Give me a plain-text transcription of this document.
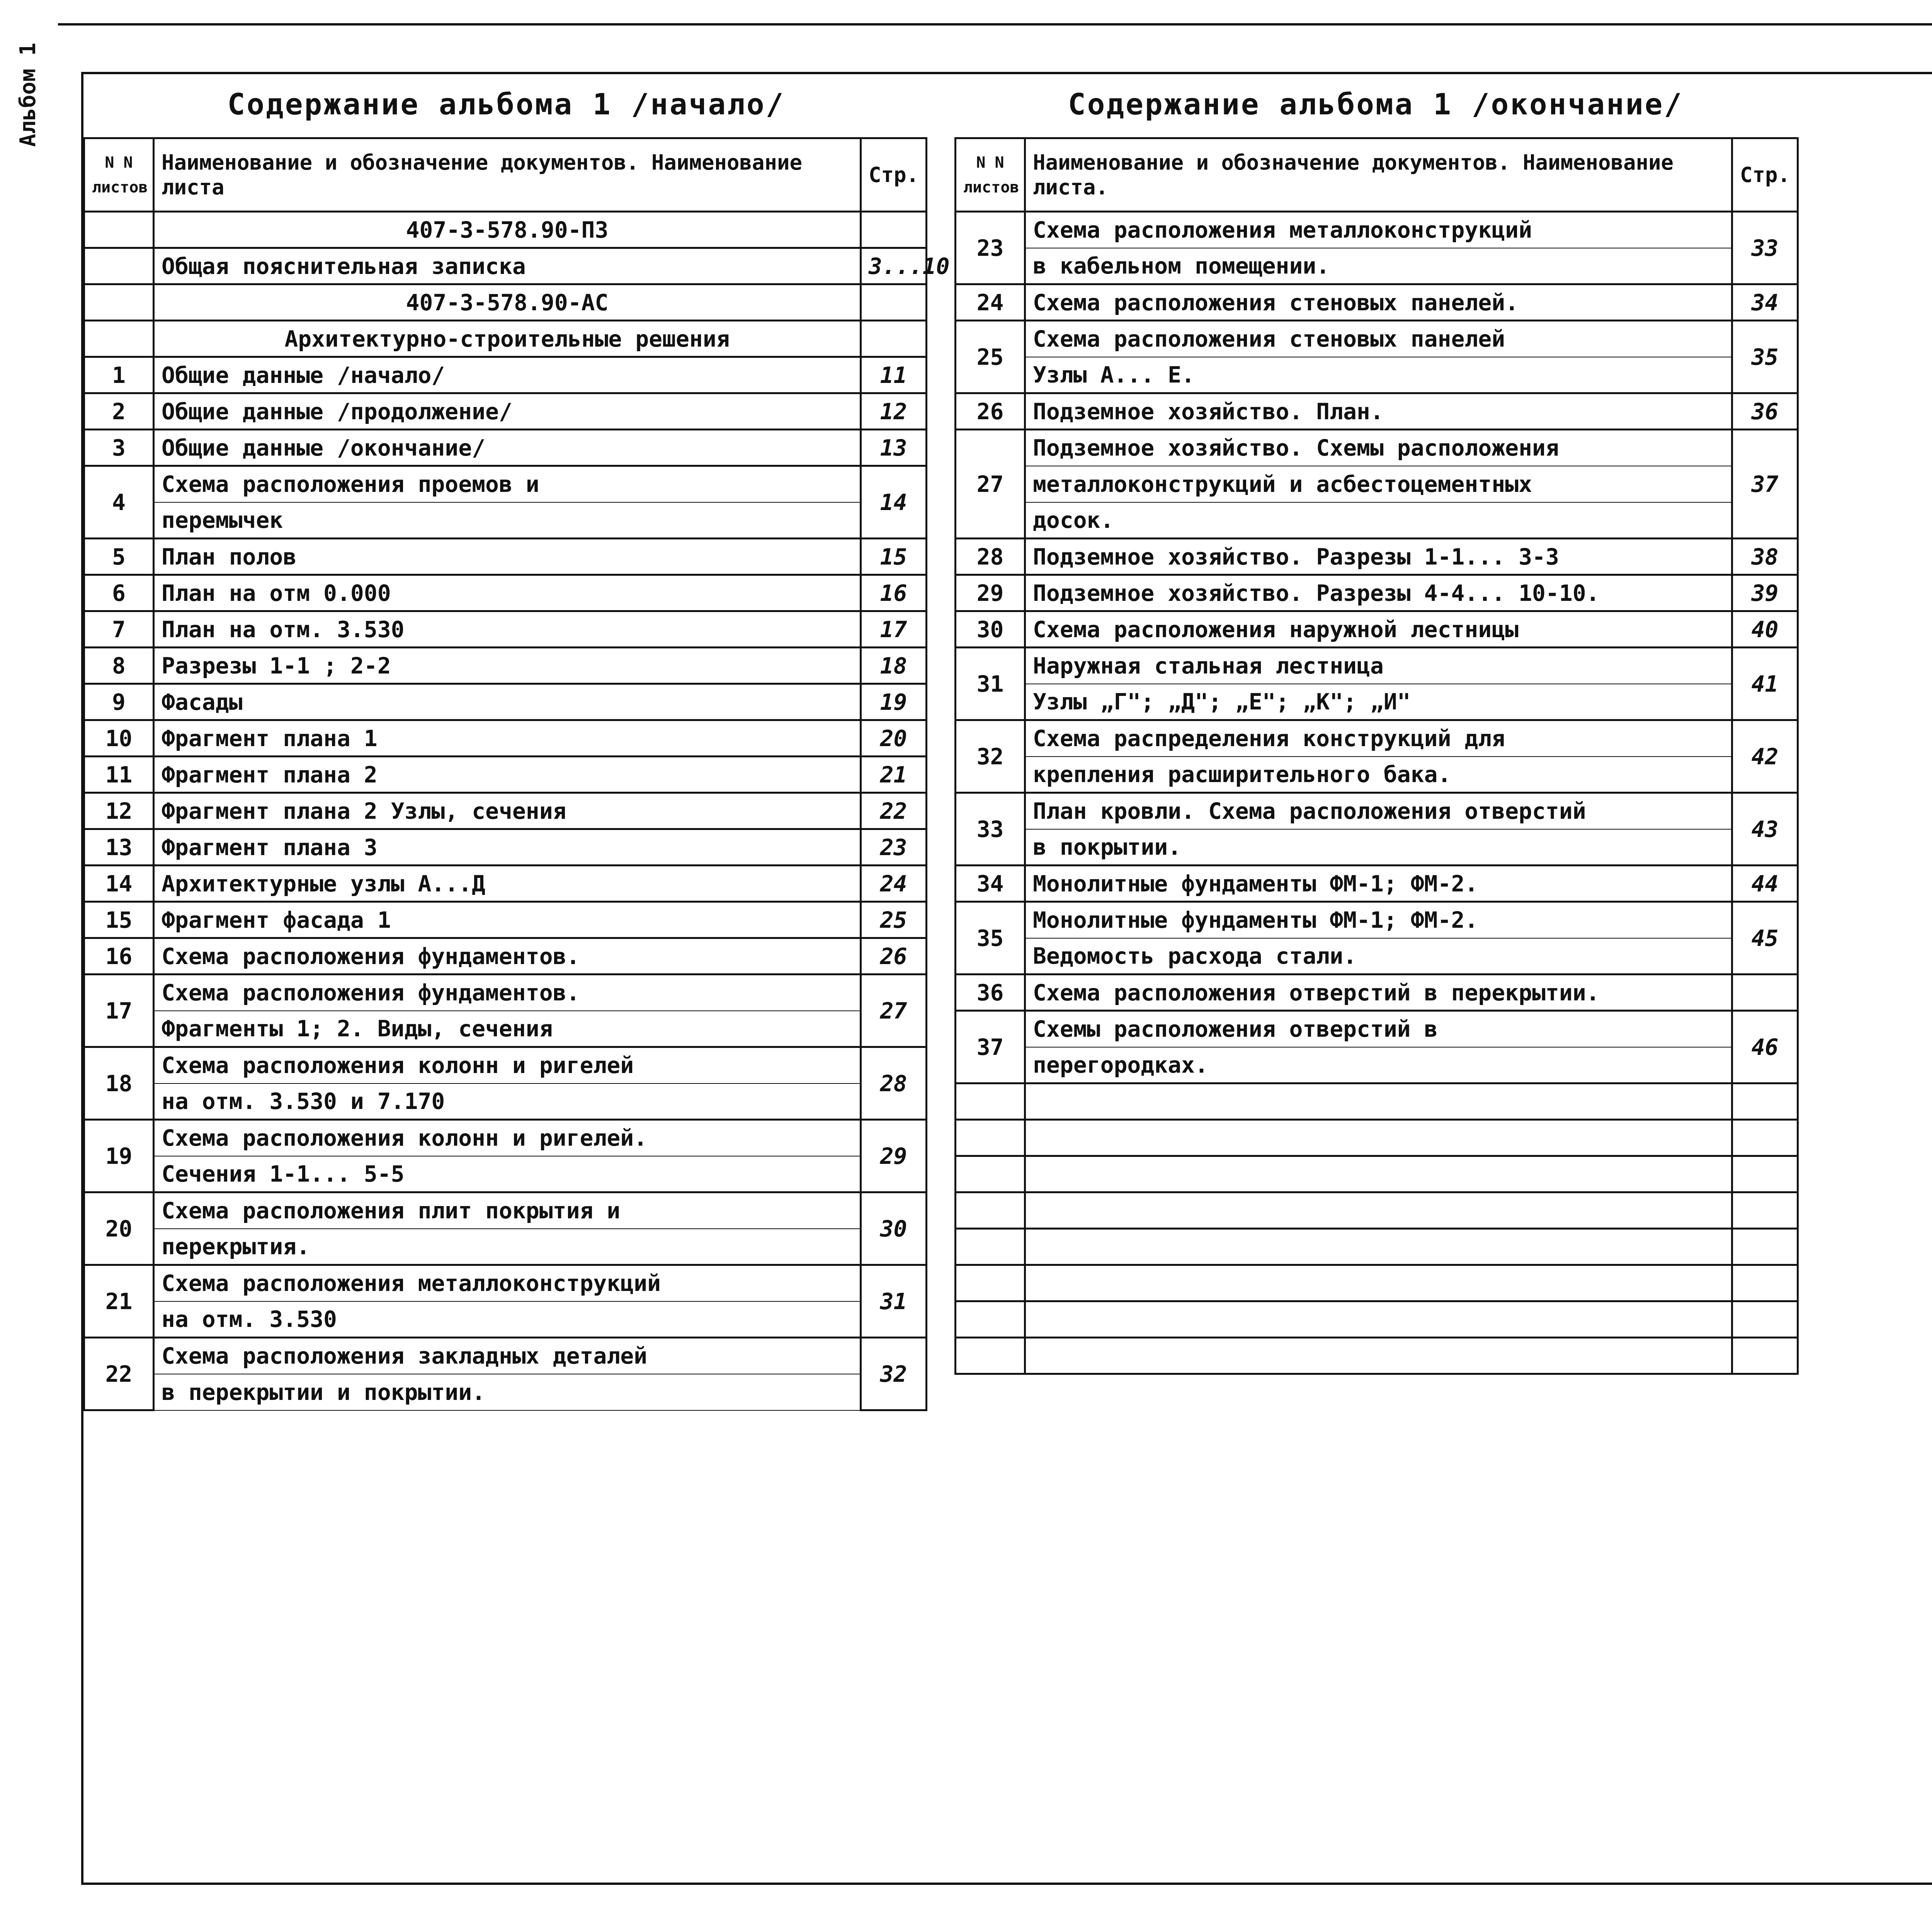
Альбом 1	Содержание альбома 1 /начало/	Содержание альбома 1 /окончание/
N N листов	Наименование и обозначение документов. Наименование листа	Стр.
	407-3-578.90-ПЗ	
	Общая пояснительная записка	3...10
	407-3-578.90-АС	
	Архитектурно-строительные решения	
1	Общие данные /начало/	11
2	Общие данные /продолжение/	12
3	Общие данные /окончание/	13
4	Схема расположения проемов и	14
	перемычек	
5	План полов	15
6	План на отм 0.000	16
7	План на отм. 3.530	17
8	Разрезы 1-1 ; 2-2	18
9	Фасады	19
10	Фрагмент плана 1	20
11	Фрагмент плана 2	21
12	Фрагмент плана 2 Узлы, сечения	22
13	Фрагмент плана 3	23
14	Архитектурные узлы А...Д	24
15	Фрагмент фасада 1	25
16	Схема расположения фундаментов.	26
17	Схема расположения фундаментов.	27
	Фрагменты 1; 2. Виды, сечения	
18	Схема расположения колонн и ригелей	28
	на отм. 3.530 и 7.170	
19	Схема расположения колонн и ригелей.	29
	Сечения 1-1... 5-5	
20	Схема расположения плит покрытия и	30
	перекрытия.	
21	Схема расположения металлоконструкций	31
	на отм. 3.530	
22	Схема расположения закладных деталей	32
	в перекрытии и покрытии.	
N N листов	Наименование и обозначение документов. Наименование листа.	Стр.
23	Схема расположения металлоконструкций	33
	в кабельном помещении.	
24	Схема расположения стеновых панелей.	34
25	Схема расположения стеновых панелей	35
	Узлы А... Е.	
26	Подземное хозяйство. План.	36
27	Подземное хозяйство. Схемы расположения	37
	металлоконструкций и асбестоцементных	
	досок.	
28	Подземное хозяйство. Разрезы 1-1... 3-3	38
29	Подземное хозяйство. Разрезы 4-4... 10-10.	39
30	Схема расположения наружной лестницы	40
31	Наружная стальная лестница	41
	Узлы „Г"; „Д"; „Е"; „К"; „И"	
32	Схема распределения конструкций для	42
	крепления расширительного бака.	
33	План кровли. Схема расположения отверстий	43
	в покрытии.	
34	Монолитные фундаменты ФМ-1; ФМ-2.	44
35	Монолитные фундаменты ФМ-1; ФМ-2.	45
	Ведомость расхода стали.	
36	Схема расположения отверстий в перекрытии.	
37	Схемы расположения отверстий в	46
	перегородках.	
